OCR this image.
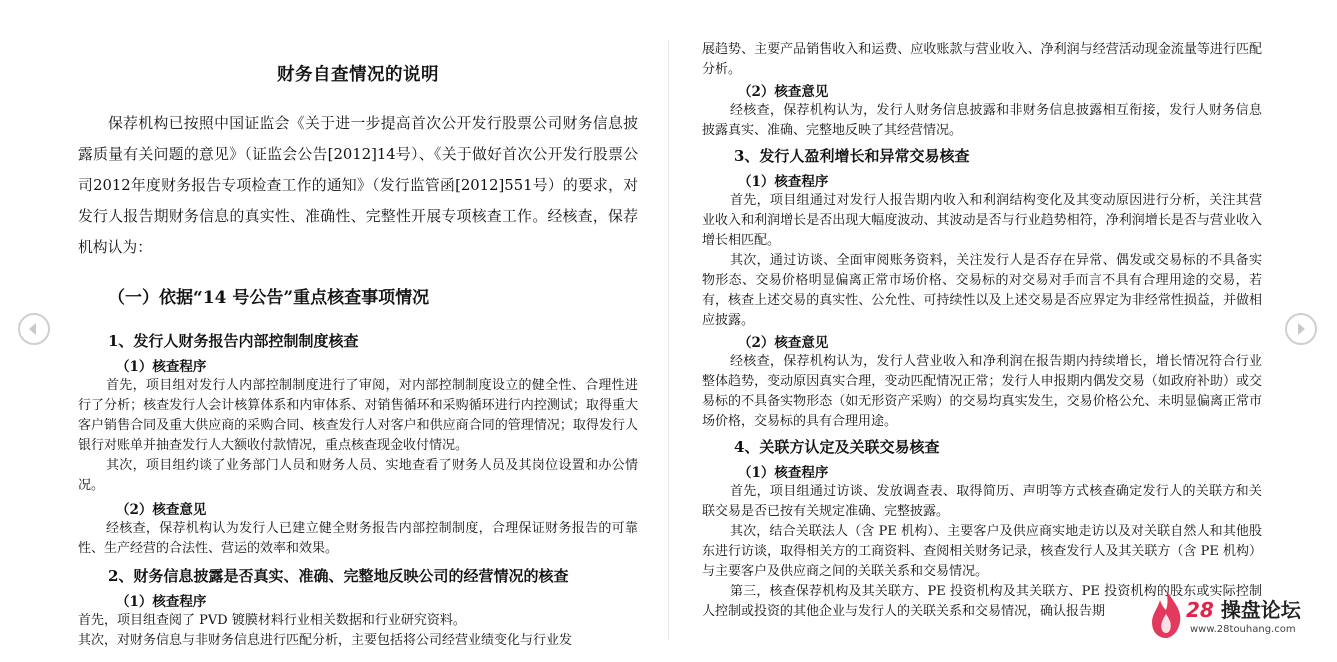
财务自查情况的说明

保荐机构已按照中国证监会《关于进一步提高首次公开发行股票公司财务信息披露质量有关问题的意见》（证监会公告[2012]14号）、《关于做好首次公开发行股票公司2012年度财务报告专项检查工作的通知》（发行监管函[2012]551号）的要求，对发行人报告期财务信息的真实性、准确性、完整性开展专项核查工作。经核查，保荐机构认为：

（一）依据“14 号公告”重点核查事项情况
1、发行人财务报告内部控制制度核查
（1）核查程序

首先，项目组对发行人内部控制制度进行了审阅，对内部控制制度设立的健全性、合理性进行了分析；核查发行人会计核算体系和内审体系、对销售循环和采购循环进行内控测试；取得重大客户销售合同及重大供应商的采购合同、核查发行人对客户和供应商合同的管理情况；取得发行人银行对账单并抽查发行人大额收付款情况，重点核查现金收付情况。

其次，项目组约谈了业务部门人员和财务人员、实地查看了财务人员及其岗位设置和办公情况。

（2）核查意见

经核查，保荐机构认为发行人已建立健全财务报告内部控制制度，合理保证财务报告的可靠性、生产经营的合法性、营运的效率和效果。

2、财务信息披露是否真实、准确、完整地反映公司的经营情况的核查
（1）核查程序

首先，项目组查阅了 PVD 镀膜材料行业相关数据和行业研究资料。

其次，对财务信息与非财务信息进行匹配分析，主要包括将公司经营业绩变化与行业发

展趋势、主要产品销售收入和运费、应收账款与营业收入、净利润与经营活动现金流量等进行匹配分析。

（2）核查意见

经核查，保荐机构认为，发行人财务信息披露和非财务信息披露相互衔接，发行人财务信息披露真实、准确、完整地反映了其经营情况。

3、发行人盈利增长和异常交易核查
（1）核查程序

首先，项目组通过对发行人报告期内收入和利润结构变化及其变动原因进行分析，关注其营业收入和利润增长是否出现大幅度波动、其波动是否与行业趋势相符，净利润增长是否与营业收入增长相匹配。

其次，通过访谈、全面审阅账务资料，关注发行人是否存在异常、偶发或交易标的不具备实物形态、交易价格明显偏离正常市场价格、交易标的对交易对手而言不具有合理用途的交易，若有，核查上述交易的真实性、公允性、可持续性以及上述交易是否应界定为非经常性损益，并做相应披露。

（2）核查意见

经核查，保荐机构认为，发行人营业收入和净利润在报告期内持续增长，增长情况符合行业整体趋势，变动原因真实合理，变动匹配情况正常；发行人申报期内偶发交易（如政府补助）或交易标的不具备实物形态（如无形资产采购）的交易均真实发生，交易价格公允、未明显偏离正常市场价格，交易标的具有合理用途。

4、关联方认定及关联交易核查
（1）核查程序

首先，项目组通过访谈、发放调查表、取得简历、声明等方式核查确定发行人的关联方和关联交易是否已按有关规定准确、完整披露。

其次，结合关联法人（含 PE 机构）、主要客户及供应商实地走访以及对关联自然人和其他股东进行访谈，取得相关方的工商资料、查阅相关财务记录，核查发行人及其关联方（含 PE 机构）与主要客户及供应商之间的关联关系和交易情况。

第三，核查保荐机构及其关联方、PE 投资机构及其关联方、PE 投资机构的股东或实际控制人控制或投资的其他企业与发行人的关联关系和交易情况，确认报告期	28 操盘论坛
www.28touhang.com
